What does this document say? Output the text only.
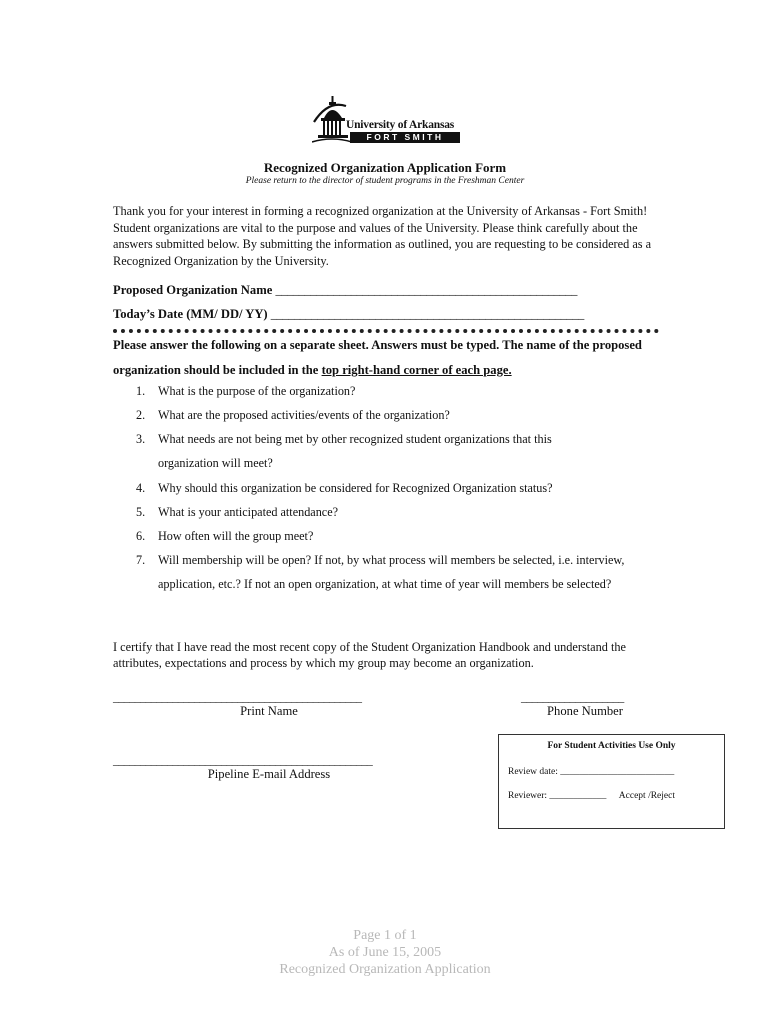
University of Arkansas
FORT SMITH
Recognized Organization Application Form
Please return to the director of student programs in the Freshman Center

Thank you for your interest in forming a recognized organization at the University of Arkansas - Fort Smith! Student organizations are vital to the purpose and values of the University. Please think carefully about the answers submitted below. By submitting the information as outlined, you are requesting to be considered as a Recognized Organization by the University.

Proposed Organization Name ____________________________________________________
Today’s Date (MM/ DD/ YY) ______________________________________________________

Please answer the following on a separate sheet. Answers must be typed. The name of the proposed organization should be included in the top right-hand corner of each page.

1.	What is the purpose of the organization?
2.	What are the proposed activities/events of the organization?
3.	What needs are not being met by other recognized student organizations that this organization will meet?
4.	Why should this organization be considered for Recognized Organization status?
5.	What is your anticipated attendance?
6.	How often will the group meet?
7.	Will membership will be open? If not, by what process will members be selected, i.e. interview, application, etc.? If not an open organization, at what time of year will members be selected?

I certify that I have read the most recent copy of the Student Organization Handbook and understand the attributes, expectations and process by which my group may become an organization.

______________________________________________
Print Name
___________________
Phone Number
________________________________________________
Pipeline E-mail Address
For Student Activities Use Only
Review date: ________________________
Reviewer: ____________ Accept /Reject
Page 1 of 1
As of June 15, 2005
Recognized Organization Application
